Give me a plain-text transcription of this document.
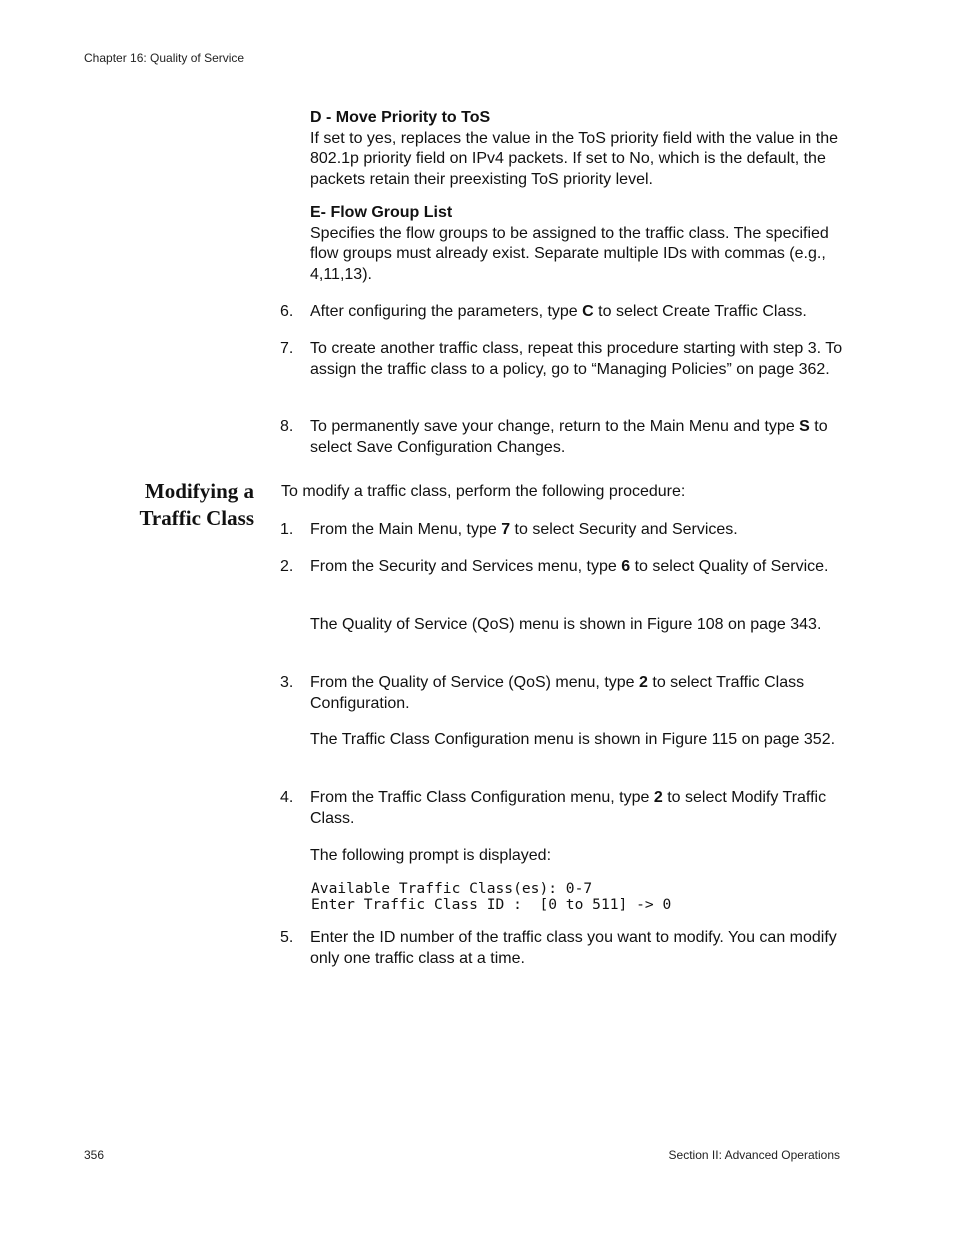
Chapter 16: Quality of Service
356	Section II: Advanced Operations
D - Move Priority to ToS
If set to yes, replaces the value in the ToS priority field with the value in the 802.1p priority field on IPv4 packets. If set to No, which is the default, the packets retain their preexisting ToS priority level.
E- Flow Group List
Specifies the flow groups to be assigned to the traffic class. The specified flow groups must already exist. Separate multiple IDs with commas (e.g., 4,11,13).
6. After configuring the parameters, type C to select Create Traffic Class.
7. To create another traffic class, repeat this procedure starting with step 3. To assign the traffic class to a policy, go to “Managing Policies” on page 362.
8. To permanently save your change, return to the Main Menu and type S to select Save Configuration Changes.
Modifying a
Traffic Class
To modify a traffic class, perform the following procedure:
1. From the Main Menu, type 7 to select Security and Services.
2. From the Security and Services menu, type 6 to select Quality of Service.
The Quality of Service (QoS) menu is shown in Figure 108 on page 343.
3. From the Quality of Service (QoS) menu, type 2 to select Traffic Class Configuration.
The Traffic Class Configuration menu is shown in Figure 115 on page 352.
4. From the Traffic Class Configuration menu, type 2 to select Modify Traffic Class.
The following prompt is displayed:
Available Traffic Class(es): 0-7
Enter Traffic Class ID :  [0 to 511] -> 0
5. Enter the ID number of the traffic class you want to modify. You can modify only one traffic class at a time.
